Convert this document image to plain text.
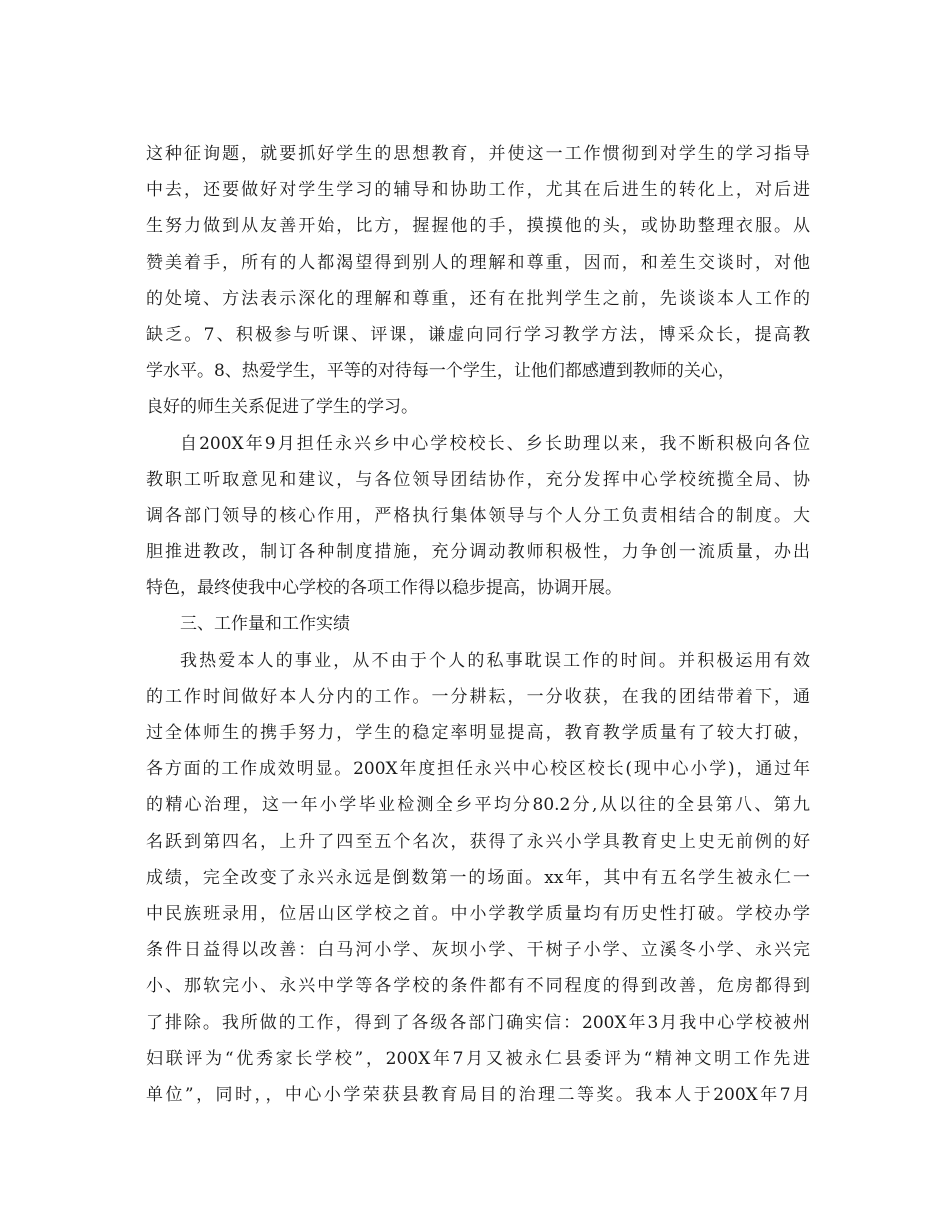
这种征询题，就要抓好学生的思想教育，并使这一工作惯彻到对学生的学习指导
中去，还要做好对学生学习的辅导和协助工作，尤其在后进生的转化上，对后进
生努力做到从友善开始，比方，握握他的手，摸摸他的头，或协助整理衣服。从
赞美着手，所有的人都渴望得到别人的理解和尊重，因而，和差生交谈时，对他
的处境、方法表示深化的理解和尊重，还有在批判学生之前，先谈谈本人工作的
缺乏。7、积极参与听课、评课，谦虚向同行学习教学方法，博采众长，提高教
学水平。8、热爱学生，平等的对待每一个学生，让他们都感遭到教师的关心，
良好的师生关系促进了学生的学习。
自200X年9月担任永兴乡中心学校校长、乡长助理以来，我不断积极向各位
教职工听取意见和建议，与各位领导团结协作，充分发挥中心学校统揽全局、协
调各部门领导的核心作用，严格执行集体领导与个人分工负责相结合的制度。大
胆推进教改，制订各种制度措施，充分调动教师积极性，力争创一流质量，办出
特色，最终使我中心学校的各项工作得以稳步提高，协调开展。
三、工作量和工作实绩
我热爱本人的事业，从不由于个人的私事耽误工作的时间。并积极运用有效
的工作时间做好本人分内的工作。一分耕耘，一分收获，在我的团结带着下，通
过全体师生的携手努力，学生的稳定率明显提高，教育教学质量有了较大打破，
各方面的工作成效明显。200X年度担任永兴中心校区校长(现中心小学)，通过年
的精心治理，这一年小学毕业检测全乡平均分80.2分,从以往的全县第八、第九
名跃到第四名，上升了四至五个名次，获得了永兴小学具教育史上史无前例的好
成绩，完全改变了永兴永远是倒数第一的场面。xx年，其中有五名学生被永仁一
中民族班录用，位居山区学校之首。中小学教学质量均有历史性打破。学校办学
条件日益得以改善：白马河小学、灰坝小学、干树子小学、立溪冬小学、永兴完
小、那软完小、永兴中学等各学校的条件都有不同程度的得到改善，危房都得到
了排除。我所做的工作，得到了各级各部门确实信：200X年3月我中心学校被州
妇联评为“优秀家长学校”，200X年7月又被永仁县委评为“精神文明工作先进
单位”，同时，，中心小学荣获县教育局目的治理二等奖。我本人于200X年7月
